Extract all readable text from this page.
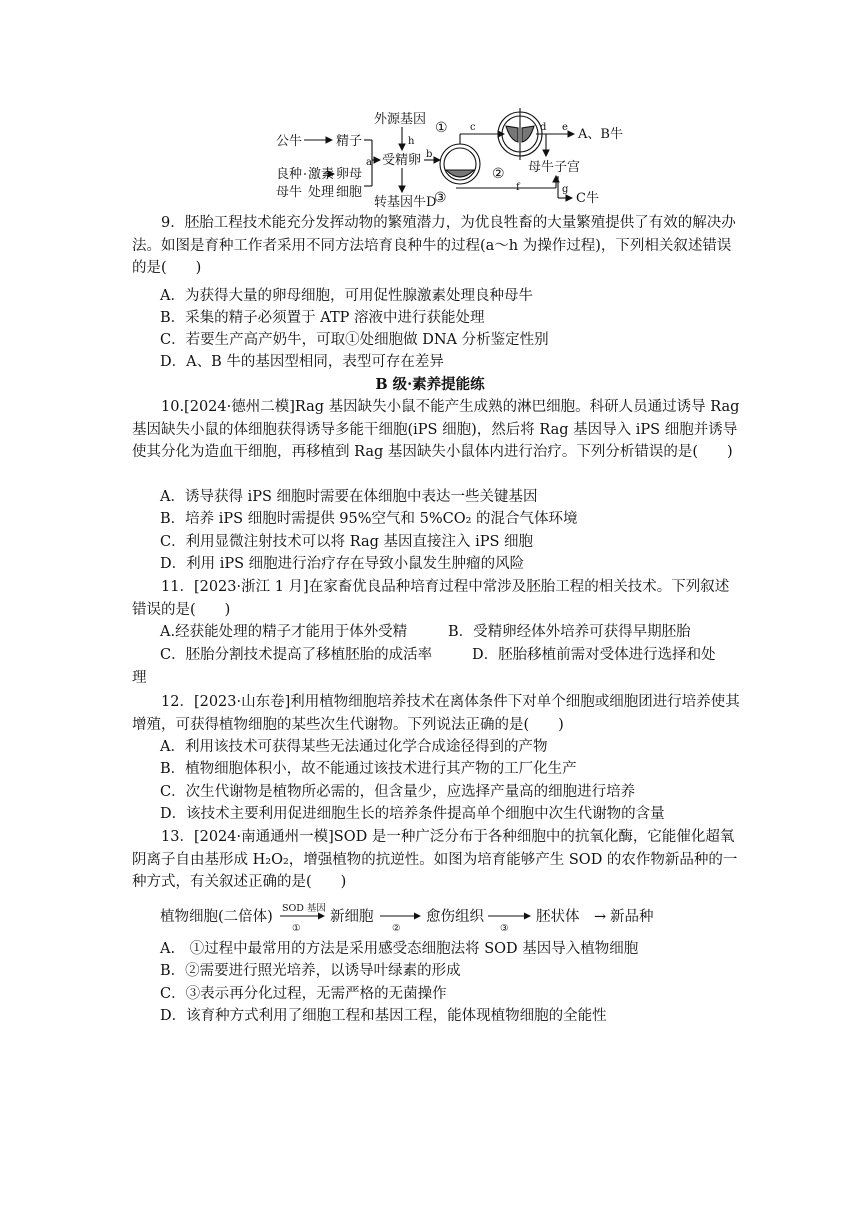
公牛	精子
外源基因
良种
母牛
激素
处理
卵母
细胞
受精卵
转基因牛D
母牛子宫
A、B牛
C牛
a
b
c	d e
f	g
h
①
②
③

9．胚胎工程技术能充分发挥动物的繁殖潜力，为优良牲畜的大量繁殖提供了有效的解决办法。如图是育种工作者采用不同方法培育良种牛的过程(a～h 为操作过程)，下列相关叙述错误的是(　　)

A．为获得大量的卵母细胞，可用促性腺激素处理良种母牛

B．采集的精子必须置于 ATP 溶液中进行获能处理

C．若要生产高产奶牛，可取①处细胞做 DNA 分析鉴定性别

D．A、B 牛的基因型相同，表型可存在差异

B 级·素养提能练

10.[2024·德州二模]Rag 基因缺失小鼠不能产生成熟的淋巴细胞。科研人员通过诱导 Rag 基因缺失小鼠的体细胞获得诱导多能干细胞(iPS 细胞)，然后将 Rag 基因导入 iPS 细胞并诱导使其分化为造血干细胞，再移植到 Rag 基因缺失小鼠体内进行治疗。下列分析错误的是(　　)

A．诱导获得 iPS 细胞时需要在体细胞中表达一些关键基因

B．培养 iPS 细胞时需提供 95%空气和 5%CO₂ 的混合气体环境

C．利用显微注射技术可以将 Rag 基因直接注入 iPS 细胞

D．利用 iPS 细胞进行治疗存在导致小鼠发生肿瘤的风险

11．[2023·浙江 1 月]在家畜优良品种培育过程中常涉及胚胎工程的相关技术。下列叙述错误的是(　　)

A.经获能处理的精子才能用于体外受精	B．受精卵经体外培养可获得早期胚胎
C．胚胎分割技术提高了移植胚胎的成活率	D．胚胎移植前需对受体进行选择和处

理

12．[2023·山东卷]利用植物细胞培养技术在离体条件下对单个细胞或细胞团进行培养使其增殖，可获得植物细胞的某些次生代谢物。下列说法正确的是(　　)

A．利用该技术可获得某些无法通过化学合成途径得到的产物

B．植物细胞体积小，故不能通过该技术进行其产物的工厂化生产

C．次生代谢物是植物所必需的，但含量少，应选择产量高的细胞进行培养

D．该技术主要利用促进细胞生长的培养条件提高单个细胞中次生代谢物的含量

13．[2024·南通通州一模]SOD 是一种广泛分布于各种细胞中的抗氧化酶，它能催化超氧阴离子自由基形成 H₂O₂，增强植物的抗逆性。如图为培育能够产生 SOD 的农作物新品种的一种方式，有关叙述正确的是(　　)

植物细胞(二倍体)	新细胞	愈伤组织	胚状体 → 新品种
SOD 基因
①	②	③

A.　①过程中最常用的方法是采用感受态细胞法将 SOD 基因导入植物细胞

B．②需要进行照光培养，以诱导叶绿素的形成

C．③表示再分化过程，无需严格的无菌操作

D．该育种方式利用了细胞工程和基因工程，能体现植物细胞的全能性
